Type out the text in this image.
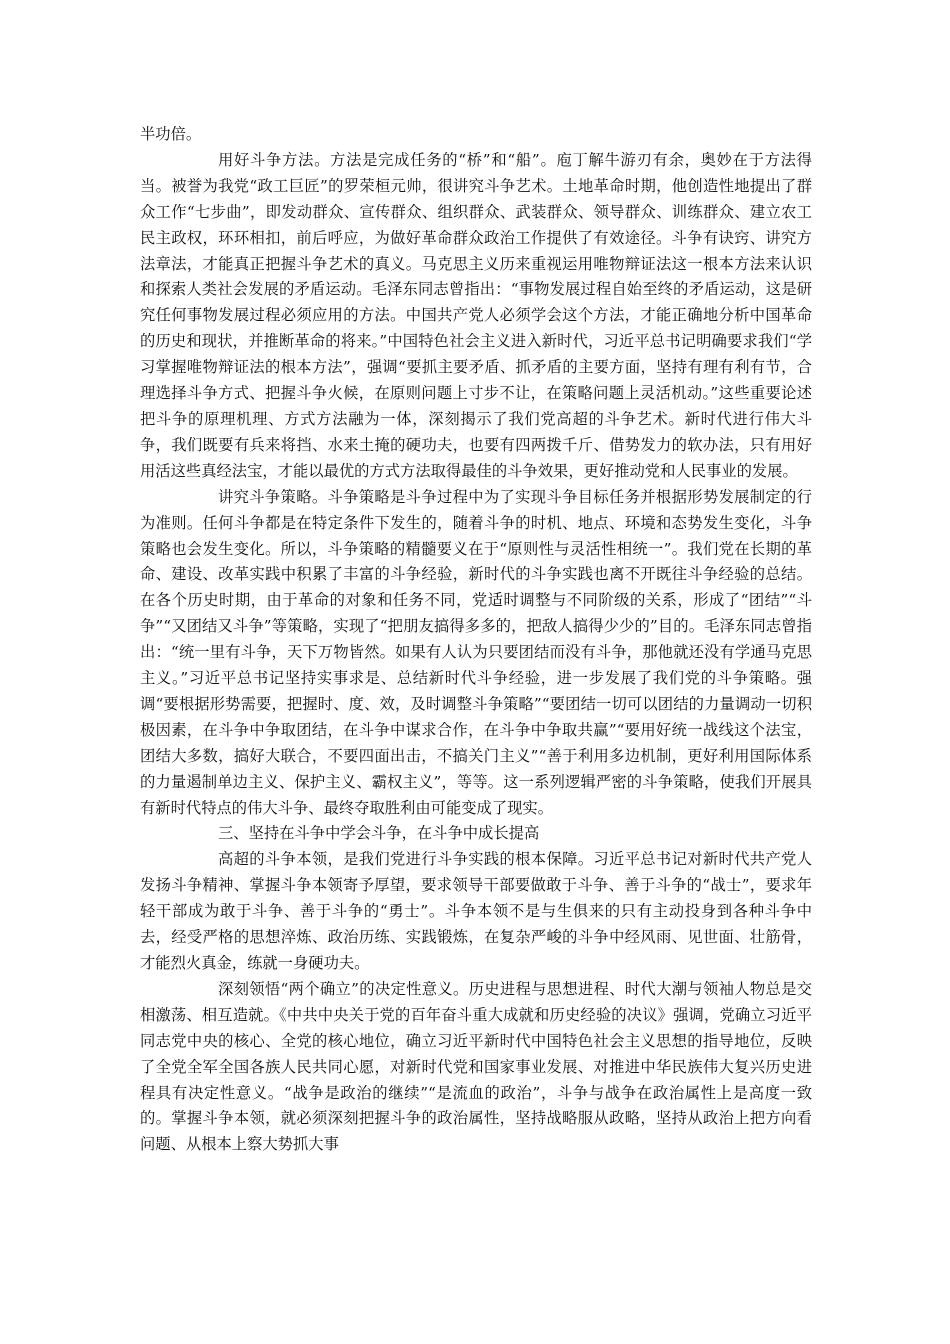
半功倍。

用好斗争方法。方法是完成任务的“桥”和“船”。庖丁解牛游刃有余，奥妙在于方法得当。被誉为我党“政工巨匠”的罗荣桓元帅，很讲究斗争艺术。土地革命时期，他创造性地提出了群众工作“七步曲”，即发动群众、宣传群众、组织群众、武装群众、领导群众、训练群众、建立农工民主政权，环环相扣，前后呼应，为做好革命群众政治工作提供了有效途径。斗争有诀窍、讲究方法章法，才能真正把握斗争艺术的真义。马克思主义历来重视运用唯物辩证法这一根本方法来认识和探索人类社会发展的矛盾运动。毛泽东同志曾指出：“事物发展过程自始至终的矛盾运动，这是研究任何事物发展过程必须应用的方法。中国共产党人必须学会这个方法，才能正确地分析中国革命的历史和现状，并推断革命的将来。”中国特色社会主义进入新时代，习近平总书记明确要求我们“学习掌握唯物辩证法的根本方法”，强调“要抓主要矛盾、抓矛盾的主要方面，坚持有理有利有节，合理选择斗争方式、把握斗争火候，在原则问题上寸步不让，在策略问题上灵活机动。”这些重要论述把斗争的原理机理、方式方法融为一体，深刻揭示了我们党高超的斗争艺术。新时代进行伟大斗争，我们既要有兵来将挡、水来土掩的硬功夫，也要有四两拨千斤、借势发力的软办法，只有用好用活这些真经法宝，才能以最优的方式方法取得最佳的斗争效果，更好推动党和人民事业的发展。

讲究斗争策略。斗争策略是斗争过程中为了实现斗争目标任务并根据形势发展制定的行为准则。任何斗争都是在特定条件下发生的，随着斗争的时机、地点、环境和态势发生变化，斗争策略也会发生变化。所以，斗争策略的精髓要义在于“原则性与灵活性相统一”。我们党在长期的革命、建设、改革实践中积累了丰富的斗争经验，新时代的斗争实践也离不开既往斗争经验的总结。在各个历史时期，由于革命的对象和任务不同，党适时调整与不同阶级的关系，形成了“团结”“斗争”“又团结又斗争”等策略，实现了“把朋友搞得多多的，把敌人搞得少少的”目的。毛泽东同志曾指出：“统一里有斗争，天下万物皆然。如果有人认为只要团结而没有斗争，那他就还没有学通马克思主义。”习近平总书记坚持实事求是、总结新时代斗争经验，进一步发展了我们党的斗争策略。强调“要根据形势需要，把握时、度、效，及时调整斗争策略”“要团结一切可以团结的力量调动一切积极因素，在斗争中争取团结，在斗争中谋求合作，在斗争中争取共赢”“要用好统一战线这个法宝，团结大多数，搞好大联合，不要四面出击，不搞关门主义”“善于利用多边机制，更好利用国际体系的力量遏制单边主义、保护主义、霸权主义”，等等。这一系列逻辑严密的斗争策略，使我们开展具有新时代特点的伟大斗争、最终夺取胜利由可能变成了现实。

三、坚持在斗争中学会斗争，在斗争中成长提高

高超的斗争本领，是我们党进行斗争实践的根本保障。习近平总书记对新时代共产党人发扬斗争精神、掌握斗争本领寄予厚望，要求领导干部要做敢于斗争、善于斗争的“战士”，要求年轻干部成为敢于斗争、善于斗争的“勇士”。斗争本领不是与生俱来的只有主动投身到各种斗争中去，经受严格的思想淬炼、政治历练、实践锻炼，在复杂严峻的斗争中经风雨、见世面、壮筋骨，才能烈火真金，练就一身硬功夫。

深刻领悟“两个确立”的决定性意义。历史进程与思想进程、时代大潮与领袖人物总是交相激荡、相互造就。《中共中央关于党的百年奋斗重大成就和历史经验的决议》强调，党确立习近平同志党中央的核心、全党的核心地位，确立习近平新时代中国特色社会主义思想的指导地位，反映了全党全军全国各族人民共同心愿，对新时代党和国家事业发展、对推进中华民族伟大复兴历史进程具有决定性意义。“战争是政治的继续”“是流血的政治”，斗争与战争在政治属性上是高度一致的。掌握斗争本领，就必须深刻把握斗争的政治属性，坚持战略服从政略，坚持从政治上把方向看问题、从根本上察大势抓大事
